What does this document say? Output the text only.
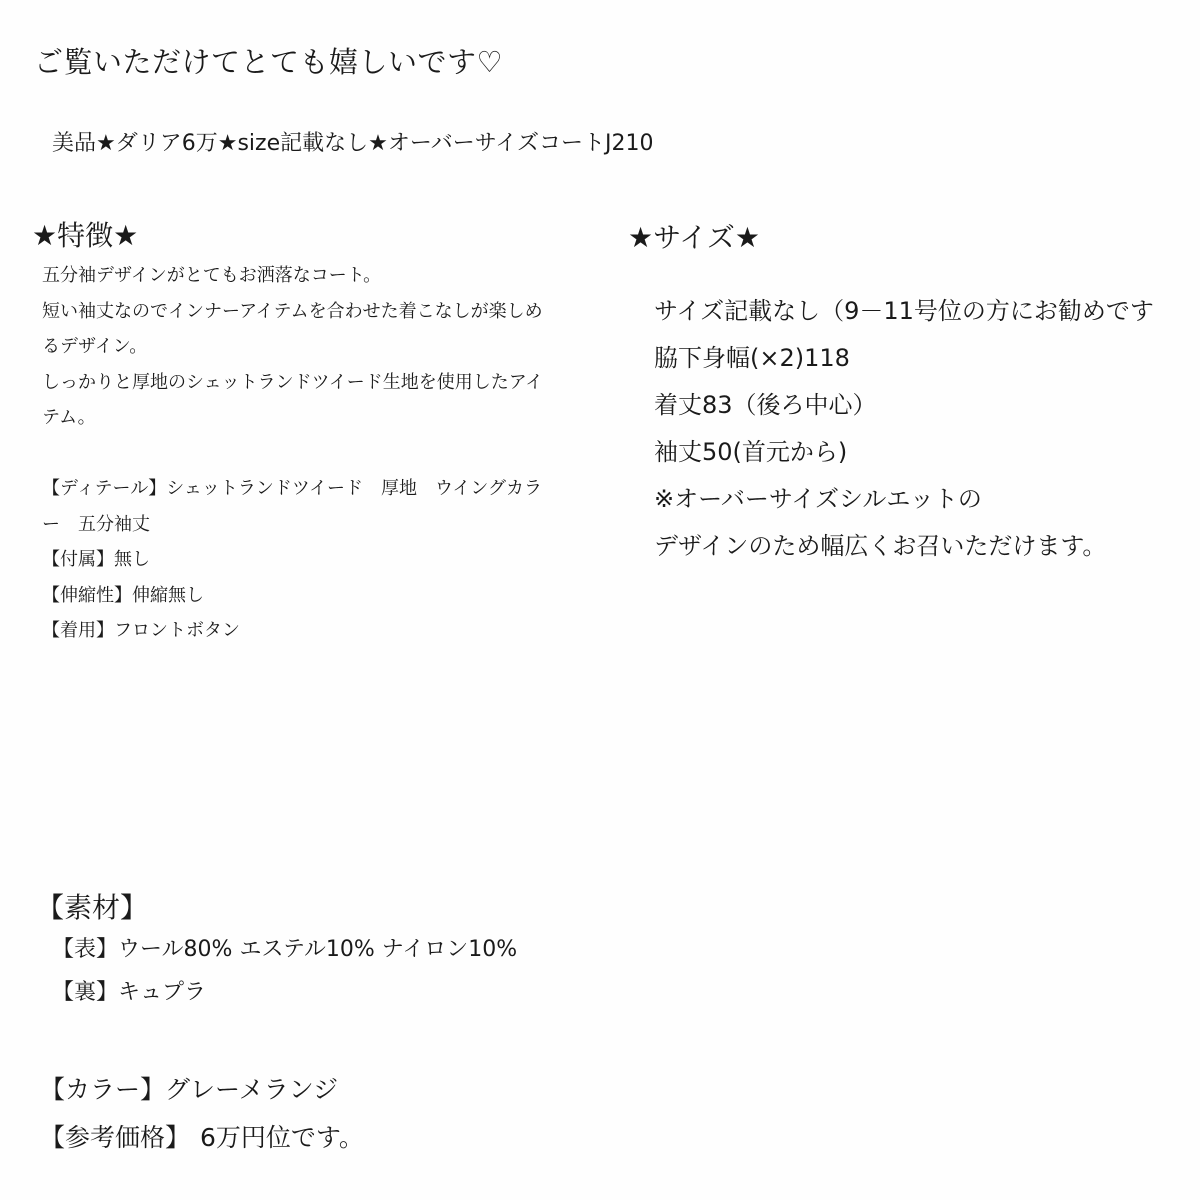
ご覧いただけてとても嬉しいです♡
美品★ダリア6万★size記載なし★オーバーサイズコートJ210
★特徴★
五分袖デザインがとてもお洒落なコート。
短い袖丈なのでインナーアイテムを合わせた着こなしが楽しめ
るデザイン。
しっかりと厚地のシェットランドツイード生地を使用したアイ
テム。
【ディテール】シェットランドツイード　厚地　ウイングカラ
ー　五分袖丈
【付属】無し
【伸縮性】伸縮無し
【着用】フロントボタン
★サイズ★
サイズ記載なし（9－11号位の方にお勧めです
脇下身幅(×2)118
着丈83（後ろ中心）
袖丈50(首元から)
※オーバーサイズシルエットの
デザインのため幅広くお召いただけます。
【素材】
【表】ウール80% エステル10% ナイロン10%
【裏】キュプラ
【カラー】グレーメランジ
【参考価格】 6万円位です。
